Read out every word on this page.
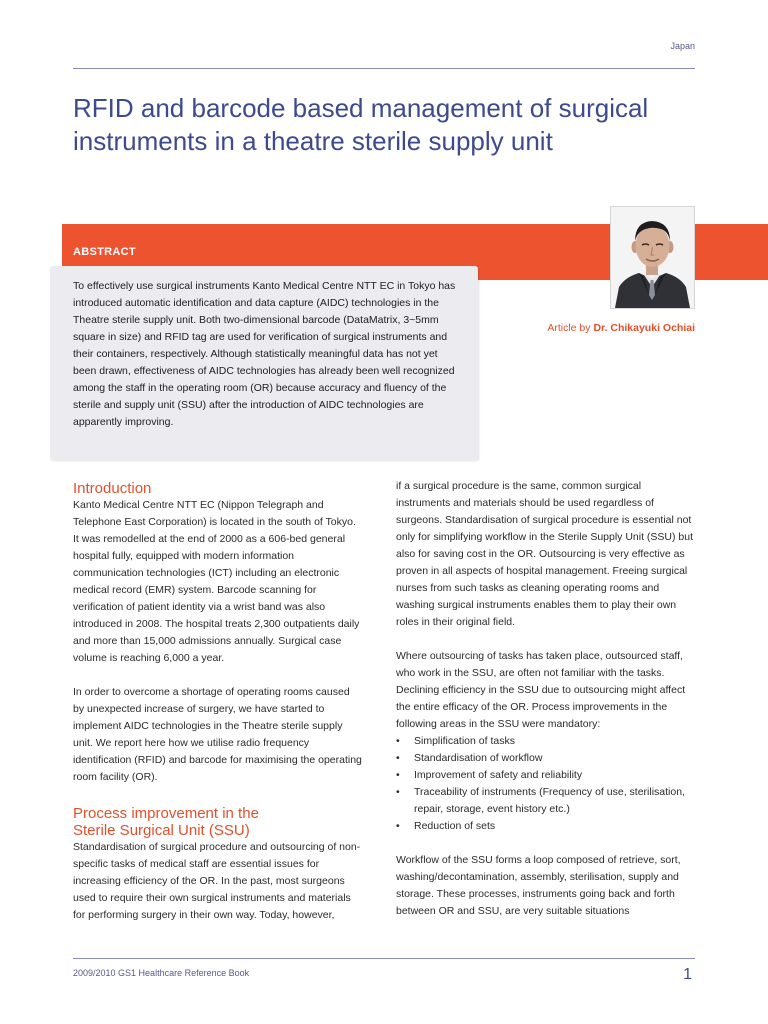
Japan
RFID and barcode based management of surgical instruments in a theatre sterile supply unit
ABSTRACT

To effectively use surgical instruments Kanto Medical Centre NTT EC in Tokyo has introduced automatic identification and data capture (AIDC) technologies in the Theatre sterile supply unit. Both two-dimensional barcode (DataMatrix, 3~5mm square in size) and RFID tag are used for verification of surgical instruments and their containers, respectively. Although statistically meaningful data has not yet been drawn, effectiveness of AIDC technologies has already been well recognized among the staff in the operating room (OR) because accuracy and fluency of the sterile and supply unit (SSU) after the introduction of AIDC technologies are apparently improving.

Article by Dr. Chikayuki Ochiai
Introduction

Kanto Medical Centre NTT EC (Nippon Telegraph and Telephone East Corporation) is located in the south of Tokyo. It was remodelled at the end of 2000 as a 606-bed general hospital fully, equipped with modern information communication technologies (ICT) including an electronic medical record (EMR) system. Barcode scanning for verification of patient identity via a wrist band was also introduced in 2008. The hospital treats 2,300 outpatients daily and more than 15,000 admissions annually. Surgical case volume is reaching 6,000 a year.

In order to overcome a shortage of operating rooms caused by unexpected increase of surgery, we have started to implement AIDC technologies in the Theatre sterile supply unit. We report here how we utilise radio frequency identification (RFID) and barcode for maximising the operating room facility (OR).

Process improvement in the
Sterile Surgical Unit (SSU)

Standardisation of surgical procedure and outsourcing of non-specific tasks of medical staff are essential issues for increasing efficiency of the OR. In the past, most surgeons used to require their own surgical instruments and materials for performing surgery in their own way. Today, however,

if a surgical procedure is the same, common surgical instruments and materials should be used regardless of surgeons. Standardisation of surgical procedure is essential not only for simplifying workflow in the Sterile Supply Unit (SSU) but also for saving cost in the OR. Outsourcing is very effective as proven in all aspects of hospital management. Freeing surgical nurses from such tasks as cleaning operating rooms and washing surgical instruments enables them to play their own roles in their original field.

Where outsourcing of tasks has taken place, outsourced staff, who work in the SSU, are often not familiar with the tasks. Declining efficiency in the SSU due to outsourcing might affect the entire efficacy of the OR. Process improvements in the following areas in the SSU were mandatory:

• Simplification of tasks
• Standardisation of workflow
• Improvement of safety and reliability
• Traceability of instruments (Frequency of use, sterilisation, repair, storage, event history etc.)
• Reduction of sets

Workflow of the SSU forms a loop composed of retrieve, sort, washing/decontamination, assembly, sterilisation, supply and storage. These processes, instruments going back and forth between OR and SSU, are very suitable situations

2009/2010 GS1 Healthcare Reference Book	1
